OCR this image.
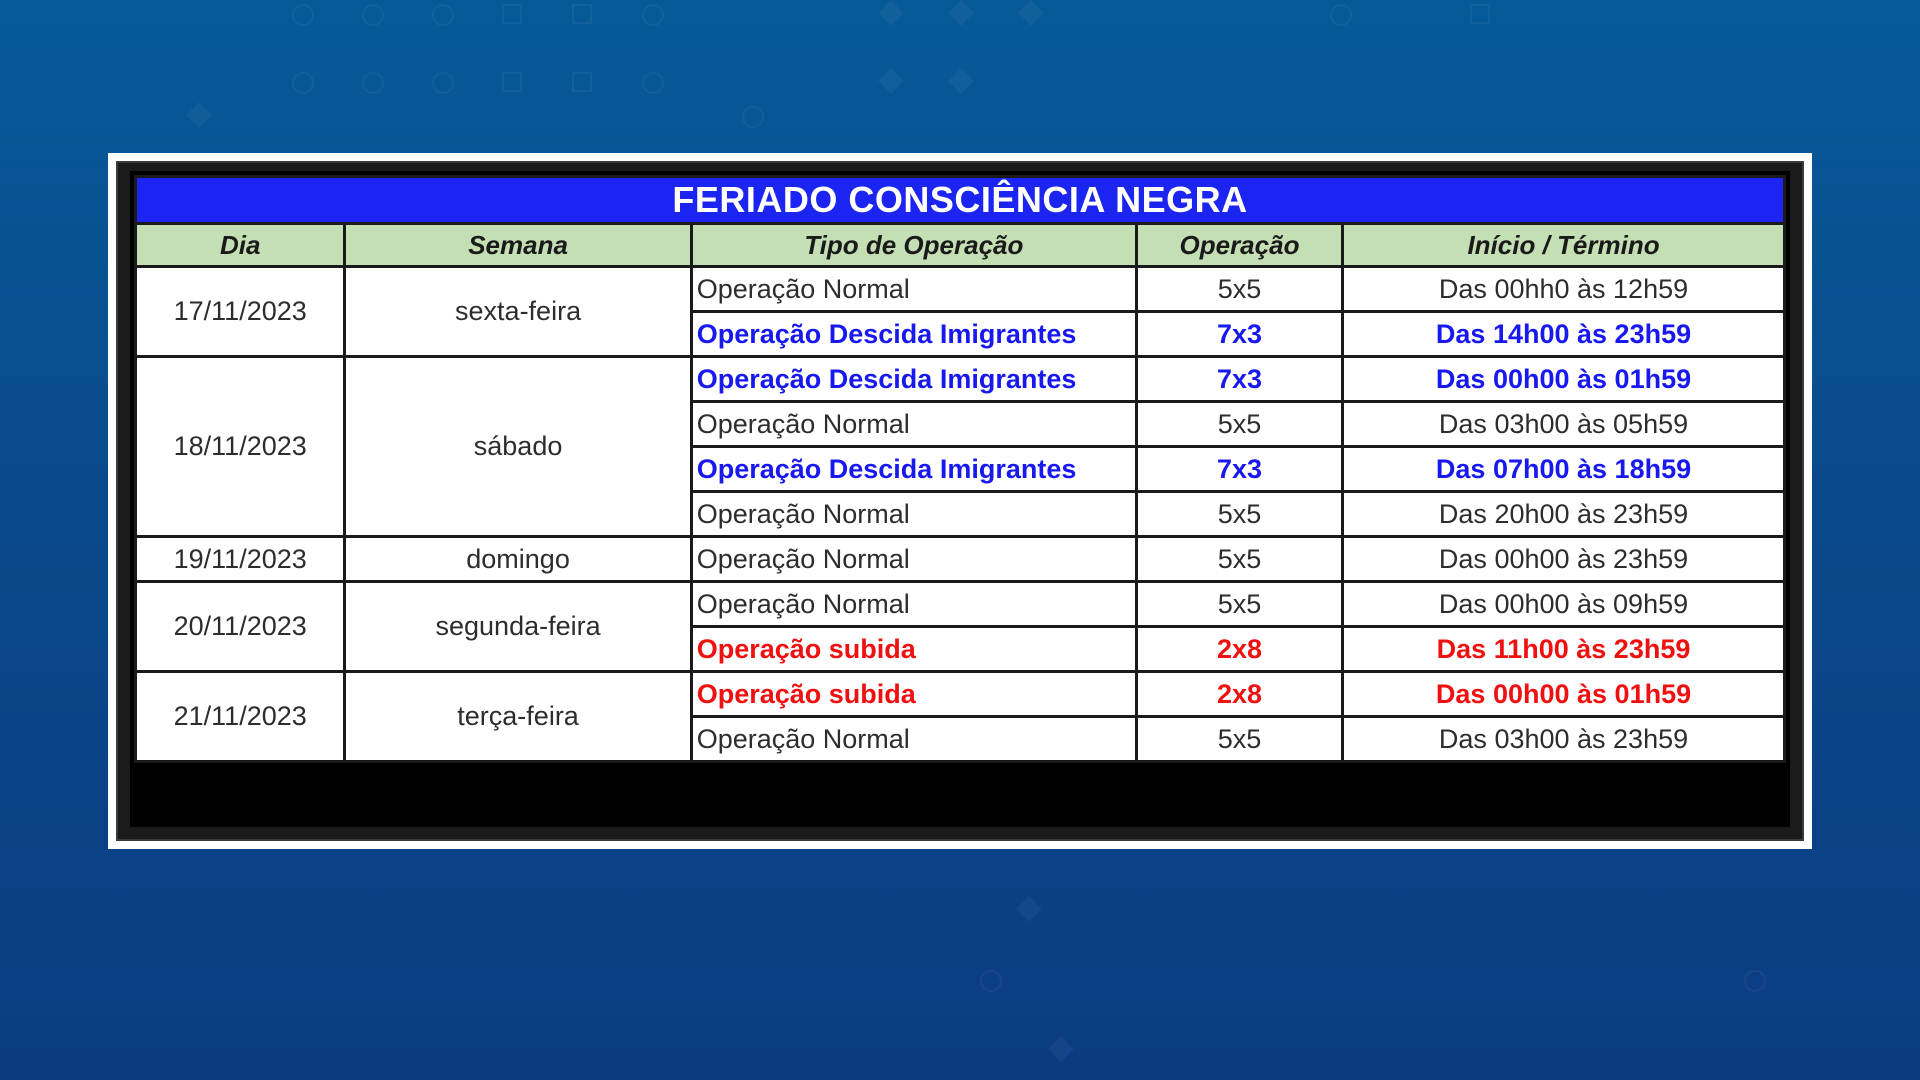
FERIADO CONSCIÊNCIA NEGRA				
Dia	Semana	Tipo de Operação	Operação	Início / Término
17/11/2023	sexta-feira	Operação Normal	5x5	Das 00hh0 às 12h59
		Operação Descida Imigrantes	7x3	Das 14h00 às 23h59
18/11/2023	sábado	Operação Descida Imigrantes	7x3	Das 00h00 às 01h59
		Operação Normal	5x5	Das 03h00 às 05h59
		Operação Descida Imigrantes	7x3	Das 07h00 às 18h59
		Operação Normal	5x5	Das 20h00 às 23h59
19/11/2023	domingo	Operação Normal	5x5	Das 00h00 às 23h59
20/11/2023	segunda-feira	Operação Normal	5x5	Das 00h00 às 09h59
		Operação subida	2x8	Das 11h00 às 23h59
21/11/2023	terça-feira	Operação subida	2x8	Das 00h00 às 01h59
		Operação Normal	5x5	Das 03h00 às 23h59
